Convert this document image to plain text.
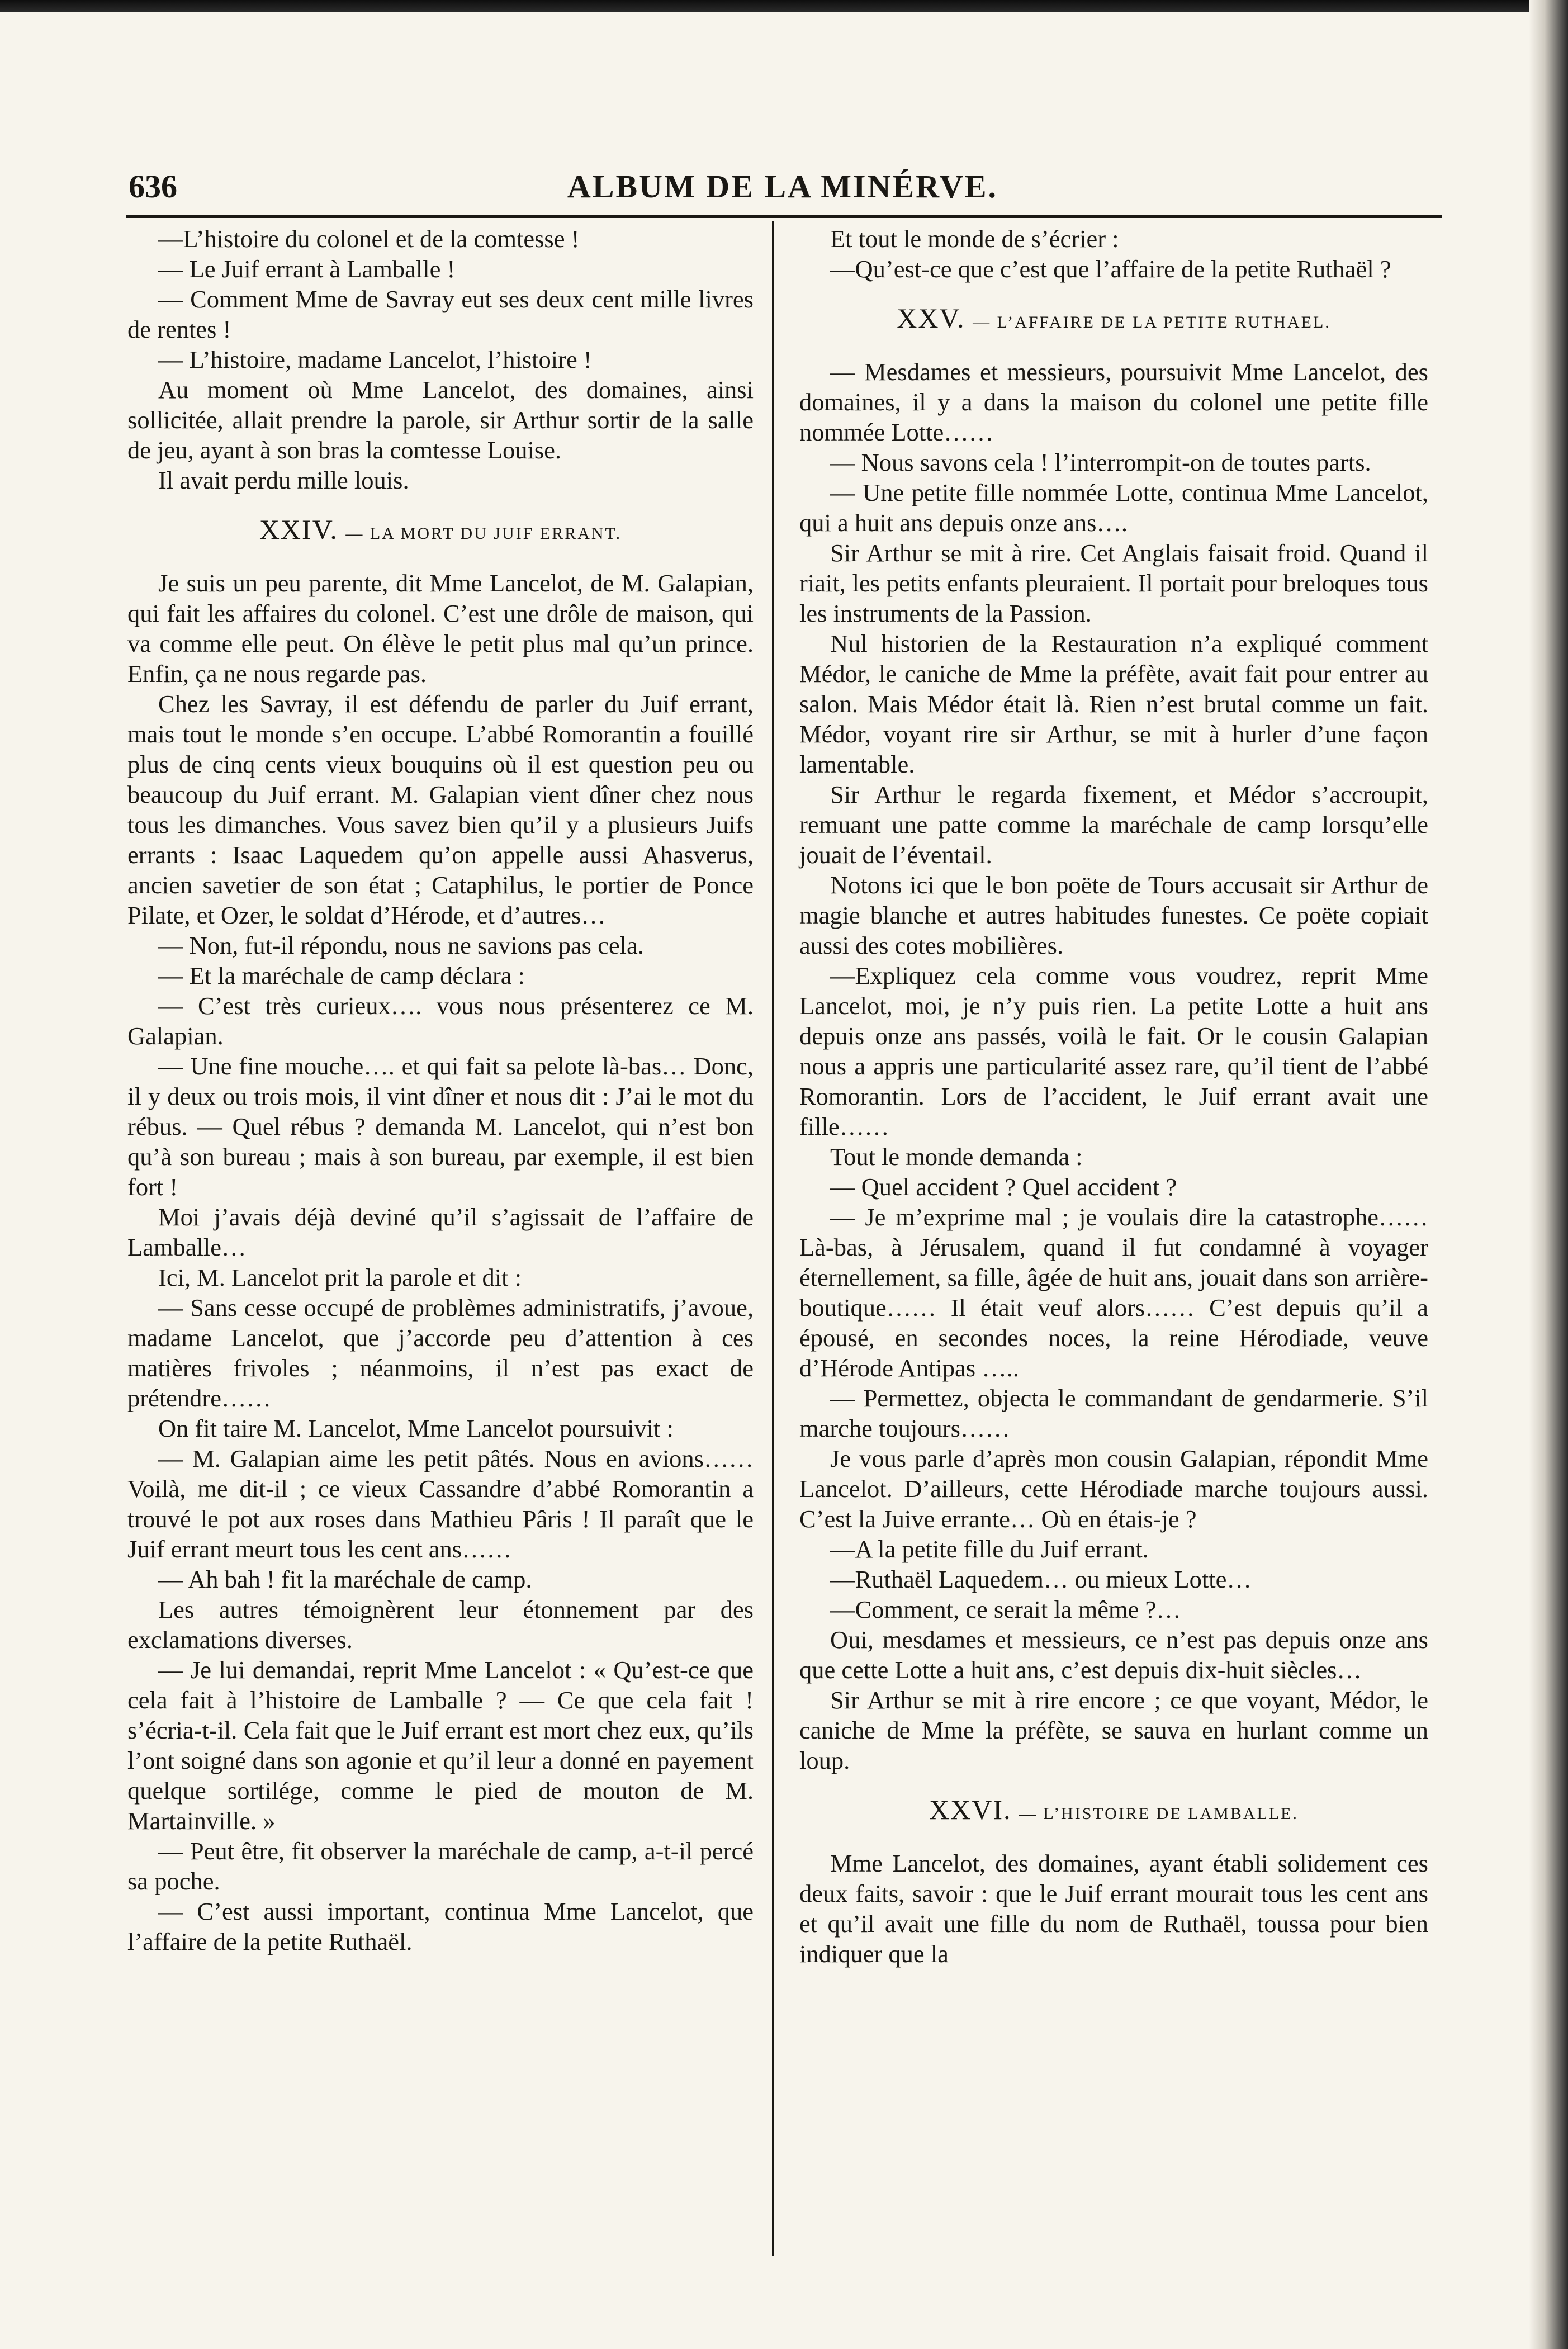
636	ALBUM DE LA MINÉRVE.

—L’histoire du colonel et de la comtesse !

— Le Juif errant à Lamballe !

— Comment Mme de Savray eut ses deux cent mille livres de rentes !

— L’histoire, madame Lancelot, l’histoire !

Au moment où Mme Lancelot, des domaines, ainsi sollicitée, allait prendre la parole, sir Arthur sortir de la salle de jeu, ayant à son bras la comtesse Louise.

Il avait perdu mille louis.

XXIV. — LA MORT DU JUIF ERRANT.

Je suis un peu parente, dit Mme Lancelot, de M. Galapian, qui fait les affaires du colonel. C’est une drôle de maison, qui va comme elle peut. On élève le petit plus mal qu’un prince. Enfin, ça ne nous regarde pas.

Chez les Savray, il est défendu de parler du Juif errant, mais tout le monde s’en occupe. L’abbé Romorantin a fouillé plus de cinq cents vieux bouquins où il est question peu ou beaucoup du Juif errant. M. Galapian vient dîner chez nous tous les dimanches. Vous savez bien qu’il y a plusieurs Juifs errants : Isaac Laquedem qu’on appelle aussi Ahasverus, ancien savetier de son état ; Cataphilus, le portier de Ponce Pilate, et Ozer, le soldat d’Hérode, et d’autres…

— Non, fut-il répondu, nous ne savions pas cela.

— Et la maréchale de camp déclara :

— C’est très curieux…. vous nous présenterez ce M. Galapian.

— Une fine mouche…. et qui fait sa pelote là-bas… Donc, il y deux ou trois mois, il vint dîner et nous dit : J’ai le mot du rébus. — Quel rébus ? demanda M. Lancelot, qui n’est bon qu’à son bureau ; mais à son bureau, par exemple, il est bien fort !

Moi j’avais déjà deviné qu’il s’agissait de l’affaire de Lamballe…

Ici, M. Lancelot prit la parole et dit :

— Sans cesse occupé de problèmes administratifs, j’avoue, madame Lancelot, que j’accorde peu d’attention à ces matières frivoles ; néanmoins, il n’est pas exact de prétendre……

On fit taire M. Lancelot, Mme Lancelot poursuivit :

— M. Galapian aime les petit pâtés. Nous en avions…… Voilà, me dit-il ; ce vieux Cassandre d’abbé Romorantin a trouvé le pot aux roses dans Mathieu Pâris ! Il paraît que le Juif errant meurt tous les cent ans……

— Ah bah ! fit la maréchale de camp.

Les autres témoignèrent leur étonnement par des exclamations diverses.

— Je lui demandai, reprit Mme Lancelot : « Qu’est-ce que cela fait à l’histoire de Lamballe ? — Ce que cela fait ! s’écria-t-il. Cela fait que le Juif errant est mort chez eux, qu’ils l’ont soigné dans son agonie et qu’il leur a donné en payement quelque sortilége, comme le pied de mouton de M. Martainville. »

— Peut être, fit observer la maréchale de camp, a-t-il percé sa poche.

— C’est aussi important, continua Mme Lancelot, que l’affaire de la petite Ruthaël.

Et tout le monde de s’écrier :

—Qu’est-ce que c’est que l’affaire de la petite Ruthaël ?

XXV. — L’AFFAIRE DE LA PETITE RUTHAEL.

— Mesdames et messieurs, poursuivit Mme Lancelot, des domaines, il y a dans la maison du colonel une petite fille nommée Lotte……

— Nous savons cela ! l’interrompit-on de toutes parts.

— Une petite fille nommée Lotte, continua Mme Lancelot, qui a huit ans depuis onze ans….

Sir Arthur se mit à rire. Cet Anglais faisait froid. Quand il riait, les petits enfants pleuraient. Il portait pour breloques tous les instruments de la Passion.

Nul historien de la Restauration n’a expliqué comment Médor, le caniche de Mme la préfète, avait fait pour entrer au salon. Mais Médor était là. Rien n’est brutal comme un fait. Médor, voyant rire sir Arthur, se mit à hurler d’une façon lamentable.

Sir Arthur le regarda fixement, et Médor s’accroupit, remuant une patte comme la maréchale de camp lorsqu’elle jouait de l’éventail.

Notons ici que le bon poëte de Tours accusait sir Arthur de magie blanche et autres habitudes funestes. Ce poëte copiait aussi des cotes mobilières.

—Expliquez cela comme vous voudrez, reprit Mme Lancelot, moi, je n’y puis rien. La petite Lotte a huit ans depuis onze ans passés, voilà le fait. Or le cousin Galapian nous a appris une particularité assez rare, qu’il tient de l’abbé Romorantin. Lors de l’accident, le Juif errant avait une fille……

Tout le monde demanda :

— Quel accident ? Quel accident ?

— Je m’exprime mal ; je voulais dire la catastrophe…… Là-bas, à Jérusalem, quand il fut condamné à voyager éternellement, sa fille, âgée de huit ans, jouait dans son arrière-boutique…… Il était veuf alors…… C’est depuis qu’il a épousé, en secondes noces, la reine Hérodiade, veuve d’Hérode Antipas …..

— Permettez, objecta le commandant de gendarmerie. S’il marche toujours……

Je vous parle d’après mon cousin Galapian, répondit Mme Lancelot. D’ailleurs, cette Hérodiade marche toujours aussi. C’est la Juive errante… Où en étais-je ?

—A la petite fille du Juif errant.

—Ruthaël Laquedem… ou mieux Lotte…

—Comment, ce serait la même ?…

Oui, mesdames et messieurs, ce n’est pas depuis onze ans que cette Lotte a huit ans, c’est depuis dix-huit siècles…

Sir Arthur se mit à rire encore ; ce que voyant, Médor, le caniche de Mme la préfète, se sauva en hurlant comme un loup.

XXVI. — L’HISTOIRE DE LAMBALLE.

Mme Lancelot, des domaines, ayant établi solidement ces deux faits, savoir : que le Juif errant mourait tous les cent ans et qu’il avait une fille du nom de Ruthaël, toussa pour bien indiquer que la
